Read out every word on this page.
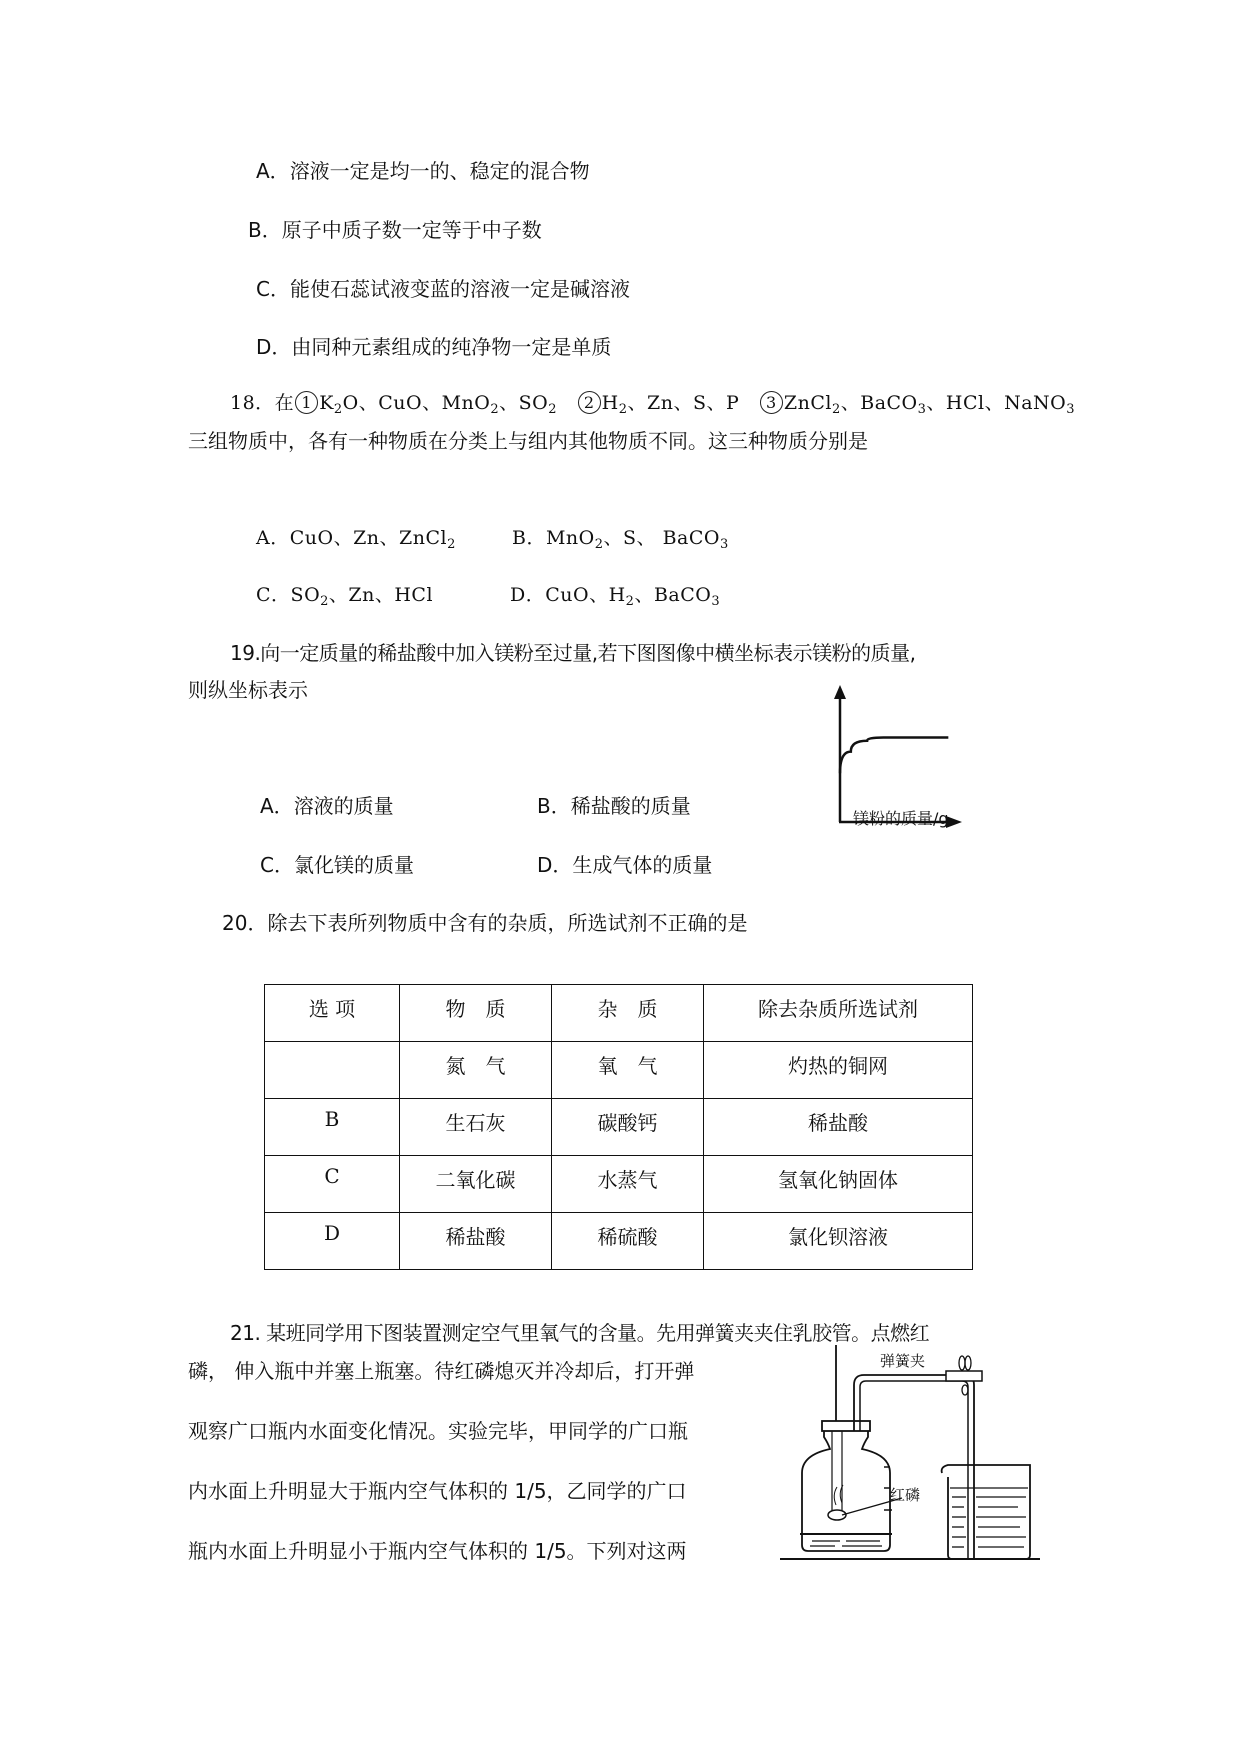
A．溶液一定是均一的、稳定的混合物
B．原子中质子数一定等于中子数
C．能使石蕊试液变蓝的溶液一定是碱溶液
D．由同种元素组成的纯净物一定是单质
18．在 1 $K_2O$、CuO、MnO$_2$、$SO_2$ 2 $H_2$、Zn、S、P 3 ZnCl$_2$、BaCO$_3$、HCl、NaNO$_3$
三组物质中，各有一种物质在分类上与组内其他物质不同。这三种物质分别是
A．CuO、Zn、ZnCl$_2$	B．MnO$_2$、S、 BaCO$_3$
C．$SO_2$、Zn、HCl	D．CuO、$H_2$、BaCO$_3$
19.向一定质量的稀盐酸中加入镁粉至过量,若下图图像中横坐标表示镁粉的质量,
则纵坐标表示
镁粉的质量/g
A．溶液的质量	B．稀盐酸的质量
C．氯化镁的质量	D．生成气体的质量
20．除去下表所列物质中含有的杂质，所选试剂不正确的是
选 项	物　质	杂　质	除去杂质所选试剂
	氮　气	氧　气	灼热的铜网
B	生石灰	碳酸钙	稀盐酸
C	二氧化碳	水蒸气	氢氧化钠固体
D	稀盐酸	稀硫酸	氯化钡溶液
21. 某班同学用下图装置测定空气里氧气的含量。先用弹簧夹夹住乳胶管。点燃红
磷， 伸入瓶中并塞上瓶塞。待红磷熄灭并冷却后，打开弹
观察广口瓶内水面变化情况。实验完毕，甲同学的广口瓶
内水面上升明显大于瓶内空气体积的 1/5，乙同学的广口
瓶内水面上升明显小于瓶内空气体积的 1/5。下列对这两
弹簧夹
红磷
